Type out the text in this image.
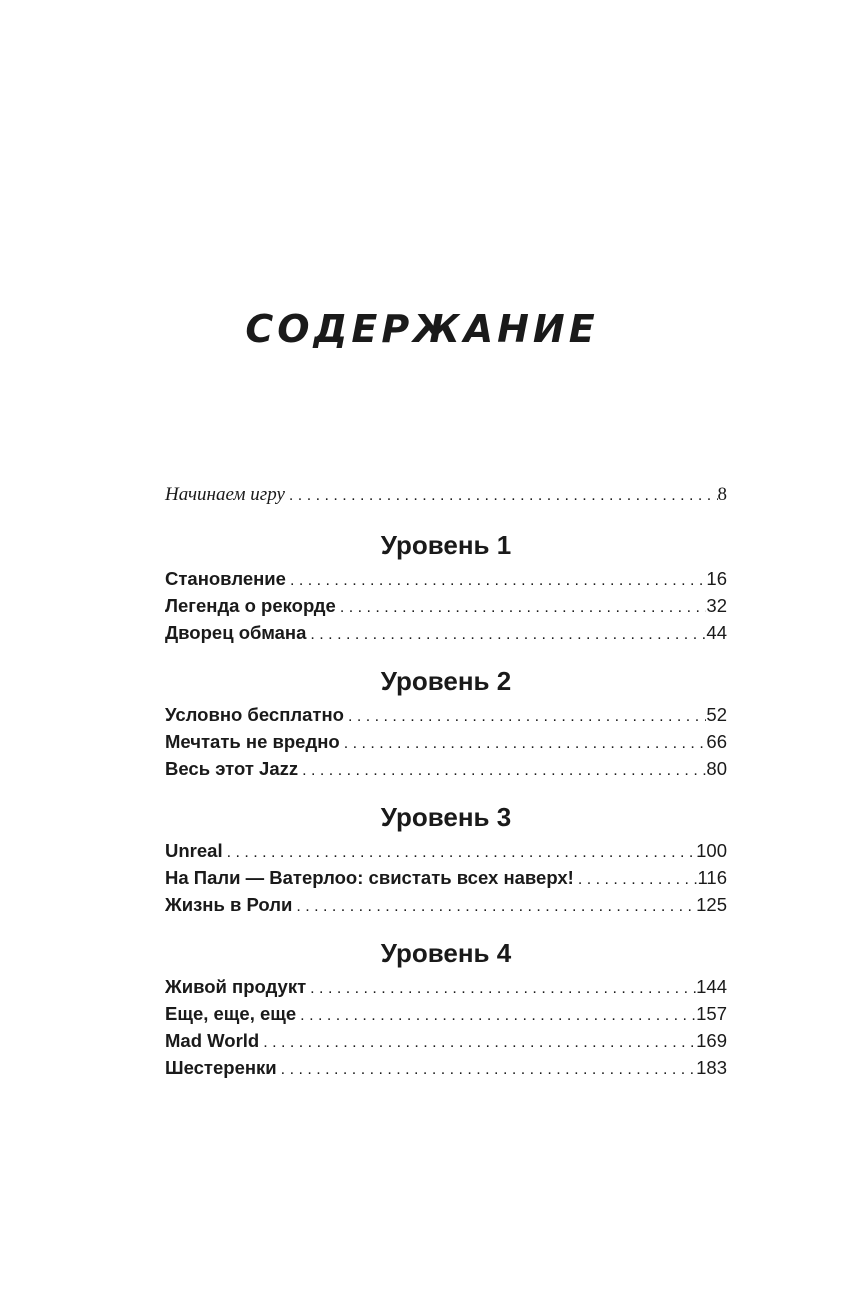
СОДЕРЖАНИЕ
Начинаем игру . . .	8
Уровень 1
Становление . . .	16
Легенда о рекорде . . .	32
Дворец обмана . . .	44
Уровень 2
Условно бесплатно . . .	52
Мечтать не вредно . . .	66
Весь этот Jazz . . .	80
Уровень 3
Unreal . . .	100
На Пали — Ватерлоо: свистать всех наверх! . . .	116
Жизнь в Роли . . .	125
Уровень 4
Живой продукт . . .	144
Еще, еще, еще . . .	157
Mad World . . .	169
Шестеренки . . .	183
